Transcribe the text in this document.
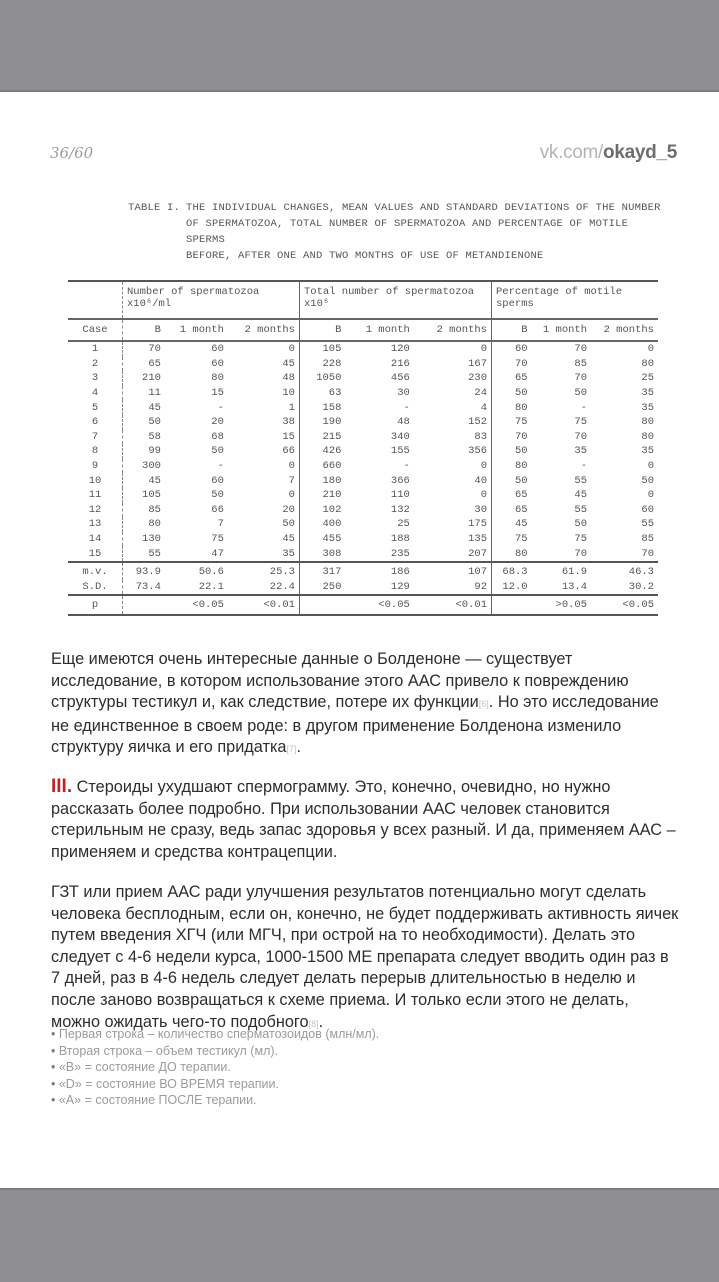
36/60	vk.com/okayd_5
TABLE I. THE INDIVIDUAL CHANGES, MEAN VALUES AND STANDARD DEVIATIONS OF THE NUMBER
OF SPERMATOZOA, TOTAL NUMBER OF SPERMATOZOA AND PERCENTAGE OF MOTILE SPERMS
BEFORE, AFTER ONE AND TWO MONTHS OF USE OF METANDIENONE
	Number of spermatozoa x10⁶/ml			Total number of spermatozoa x10⁶			Percentage of motile sperms		
Case	B	1 month	2 months	B	1 month	2 months	B	1 month	2 months
1	70	60	0	105	120	0	60	70	0
2	65	60	45	228	216	167	70	85	80
3	210	80	48	1050	456	230	65	70	25
4	11	15	10	63	30	24	50	50	35
5	45	-	1	158	-	4	80	-	35
6	50	20	38	190	48	152	75	75	80
7	58	68	15	215	340	83	70	70	80
8	99	50	66	426	155	356	50	35	35
9	300	-	0	660	-	0	80	-	0
10	45	60	7	180	366	40	50	55	50
11	105	50	0	210	110	0	65	45	0
12	85	66	20	102	132	30	65	55	60
13	80	7	50	400	25	175	45	50	55
14	130	75	45	455	188	135	75	75	85
15	55	47	35	308	235	207	80	70	70
m.v.	93.9	50.6	25.3	317	186	107	68.3	61.9	46.3
S.D.	73.4	22.1	22.4	250	129	92	12.0	13.4	30.2
p		<0.05	<0.01		<0.05	<0.01		>0.05	<0.05
Еще имеются очень интересные данные о Болденоне — существует исследование, в котором использование этого ААС привело к повреждению структуры тестикул и, как следствие, потере их функции[6]. Но это исследование не единственное в своем роде: в другом применение Болденона изменило структуру яичка и его придатка[7].
III. Стероиды ухудшают спермограмму. Это, конечно, очевидно, но нужно рассказать более подробно. При использовании ААС человек становится стерильным не сразу, ведь запас здоровья у всех разный. И да, применяем ААС – применяем и средства контрацепции.
ГЗТ или прием ААС ради улучшения результатов потенциально могут сделать человека бесплодным, если он, конечно, не будет поддерживать активность яичек путем введения ХГЧ (или МГЧ, при острой на то необходимости). Делать это следует с 4-6 недели курса, 1000-1500 МЕ препарата следует вводить один раз в 7 дней, раз в 4-6 недель следует делать перерыв длительностью в неделю и после заново возвращаться к схеме приема. И только если этого не делать, можно ожидать чего-то подобного[8].
• Первая строка – количество сперматозоидов (млн/мл).
• Вторая строка – объем тестикул (мл).
• «B» = состояние ДО терапии.
• «D» = состояние ВО ВРЕМЯ терапии.
• «A» = состояние ПОСЛЕ терапии.
